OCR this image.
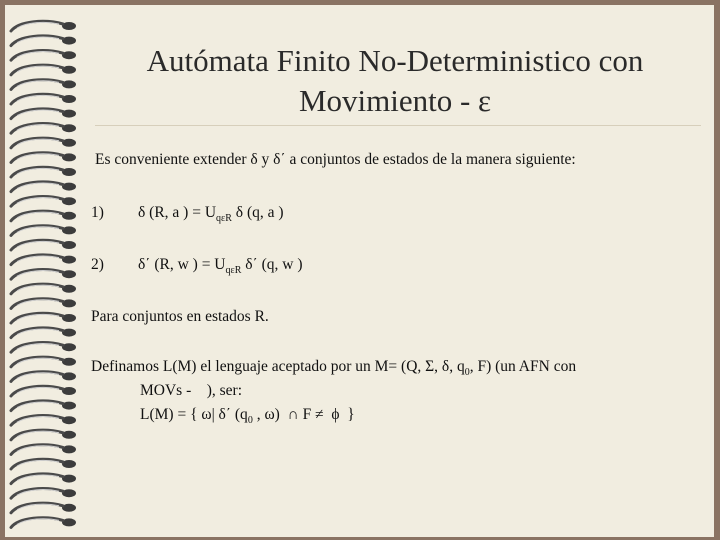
Autómata Finito No-Deterministico con
Movimiento - ε
Es conveniente extender δ y δ΄ a conjuntos de estados de la manera siguiente:
1) δ (R, a ) = $U_{q\varepsilon R}$ δ (q, a )
2) δ΄ (R, w ) = $U_{q\varepsilon R}$ δ΄ (q, w )
Para conjuntos en estados R.
Definamos L(M) el lenguaje aceptado por un M= (Q, Σ, δ, $q_0$, F) (un AFN con
MOVs -    ), ser:
L(M) = { ω| δ΄ ($q_0$ , ω)  ∩ F ≠  ϕ  }
